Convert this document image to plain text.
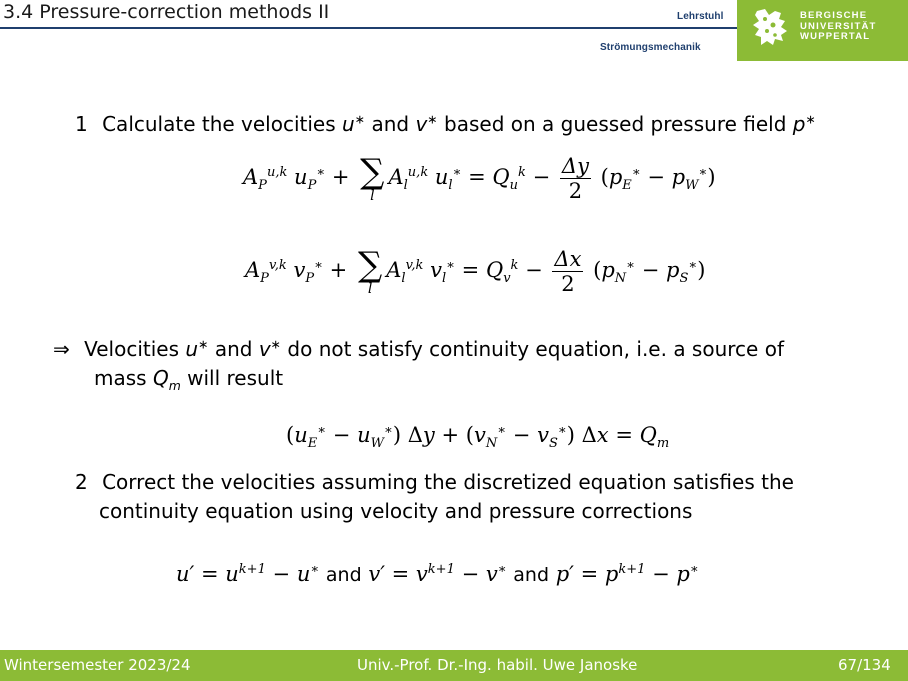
3.4 Pressure-correction methods II	Lehrstuhl
Strömungsmechanik
BERGISCHE
UNIVERSITÄT
WUPPERTAL
1 Calculate the velocities u∗ and v∗ based on a guessed pressure field p∗
$A_P^{u,k}$ $u_P^∗$ + ∑
l
$A_l^{u,k}$ $u_l^∗ = Q_u^k - \frac{\Delta y}{2} (p_E^∗ - p_W^∗)$
$A_P^{v,k}$ $v_P^∗$ + ∑
l
$A_l^{v,k}$ $v_l^∗ = Q_v^k - \frac{\Delta x}{2} (p_N^∗ - p_S^∗)$
⇒ Velocities u∗ and v∗ do not satisfy continuity equation, i.e. a source of
mass $Q_m$ will result
$(u_E^∗ - u_W^∗) \Delta y + (v_N^∗ - v_S^∗) \Delta x = Q_m$
2 Correct the velocities assuming the discretized equation satisfies the
continuity equation using velocity and pressure corrections
$u' = u^{k+1} - u^∗$ and $v' = v^{k+1} - v^∗$ and $p' = p^{k+1} - p^∗$
Wintersemester 2023/24	Univ.-Prof. Dr.-Ing. habil. Uwe Janoske	67/134
